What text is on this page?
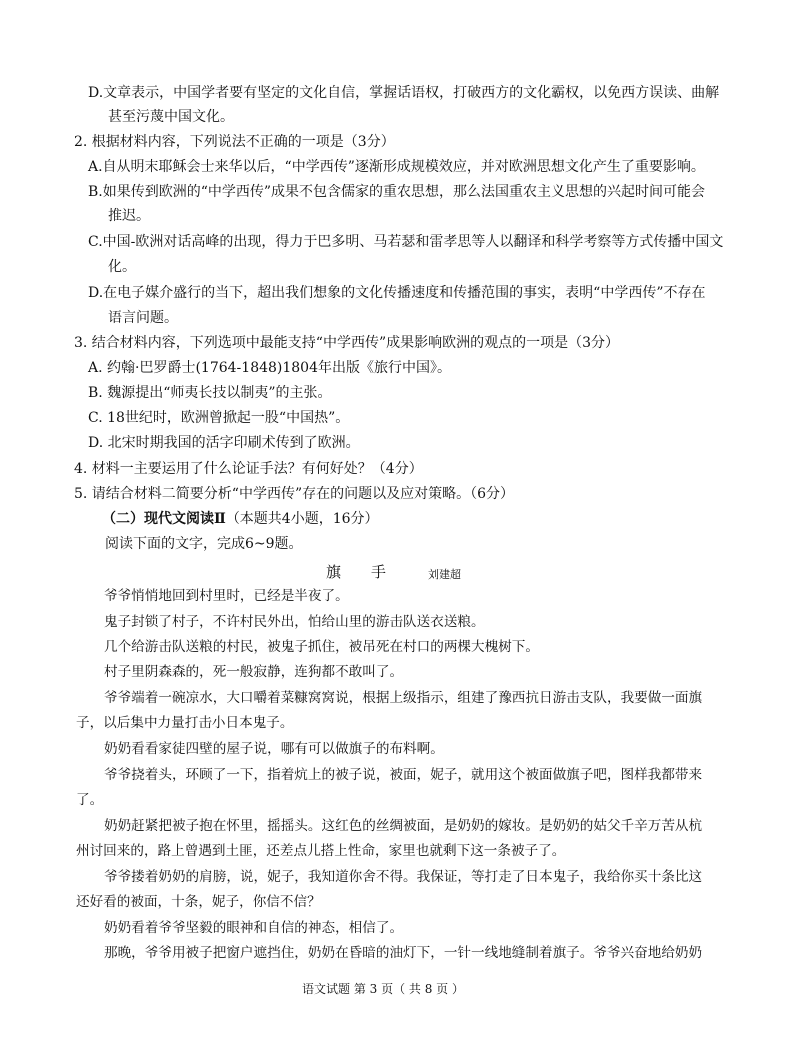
D.文章表示，中国学者要有坚定的文化自信，掌握话语权，打破西方的文化霸权，以免西方误读、曲解
甚至污蔑中国文化。
2. 根据材料内容，下列说法不正确的一项是（3分）
A.自从明末耶稣会士来华以后，“中学西传”逐渐形成规模效应，并对欧洲思想文化产生了重要影响。
B.如果传到欧洲的“中学西传”成果不包含儒家的重农思想，那么法国重农主义思想的兴起时间可能会
推迟。
C.中国-欧洲对话高峰的出现，得力于巴多明、马若瑟和雷孝思等人以翻译和科学考察等方式传播中国文
化。
D.在电子媒介盛行的当下，超出我们想象的文化传播速度和传播范围的事实，表明“中学西传”不存在
语言问题。
3. 结合材料内容，下列选项中最能支持“中学西传”成果影响欧洲的观点的一项是（3分）
A. 约翰·巴罗爵士(1764-1848)1804年出版《旅行中国》。
B. 魏源提出“师夷长技以制夷”的主张。
C. 18世纪时，欧洲曾掀起一股“中国热”。
D. 北宋时期我国的活字印刷术传到了欧洲。
4. 材料一主要运用了什么论证手法？有何好处？（4分）
5. 请结合材料二简要分析“中学西传”存在的问题以及应对策略。（6分）
（二）现代文阅读Ⅱ（本题共4小题，16分）
阅读下面的文字，完成6~9题。
旗　　手	刘建超
爷爷悄悄地回到村里时，已经是半夜了。
鬼子封锁了村子，不许村民外出，怕给山里的游击队送衣送粮。
几个给游击队送粮的村民，被鬼子抓住，被吊死在村口的两棵大槐树下。
村子里阴森森的，死一般寂静，连狗都不敢叫了。
爷爷端着一碗凉水，大口嚼着菜糠窝窝说，根据上级指示，组建了豫西抗日游击支队，我要做一面旗
子，以后集中力量打击小日本鬼子。
奶奶看看家徒四壁的屋子说，哪有可以做旗子的布料啊。
爷爷挠着头，环顾了一下，指着炕上的被子说，被面，妮子，就用这个被面做旗子吧，图样我都带来
了。
奶奶赶紧把被子抱在怀里，摇摇头。这红色的丝绸被面，是奶奶的嫁妆。是奶奶的姑父千辛万苦从杭
州讨回来的，路上曾遇到土匪，还差点儿搭上性命，家里也就剩下这一条被子了。
爷爷搂着奶奶的肩膀，说，妮子，我知道你舍不得。我保证，等打走了日本鬼子，我给你买十条比这
还好看的被面，十条，妮子，你信不信？
奶奶看着爷爷坚毅的眼神和自信的神态，相信了。
那晚，爷爷用被子把窗户遮挡住，奶奶在昏暗的油灯下，一针一线地缝制着旗子。爷爷兴奋地给奶奶
语文试题 第 3 页（ 共 8 页 ）
